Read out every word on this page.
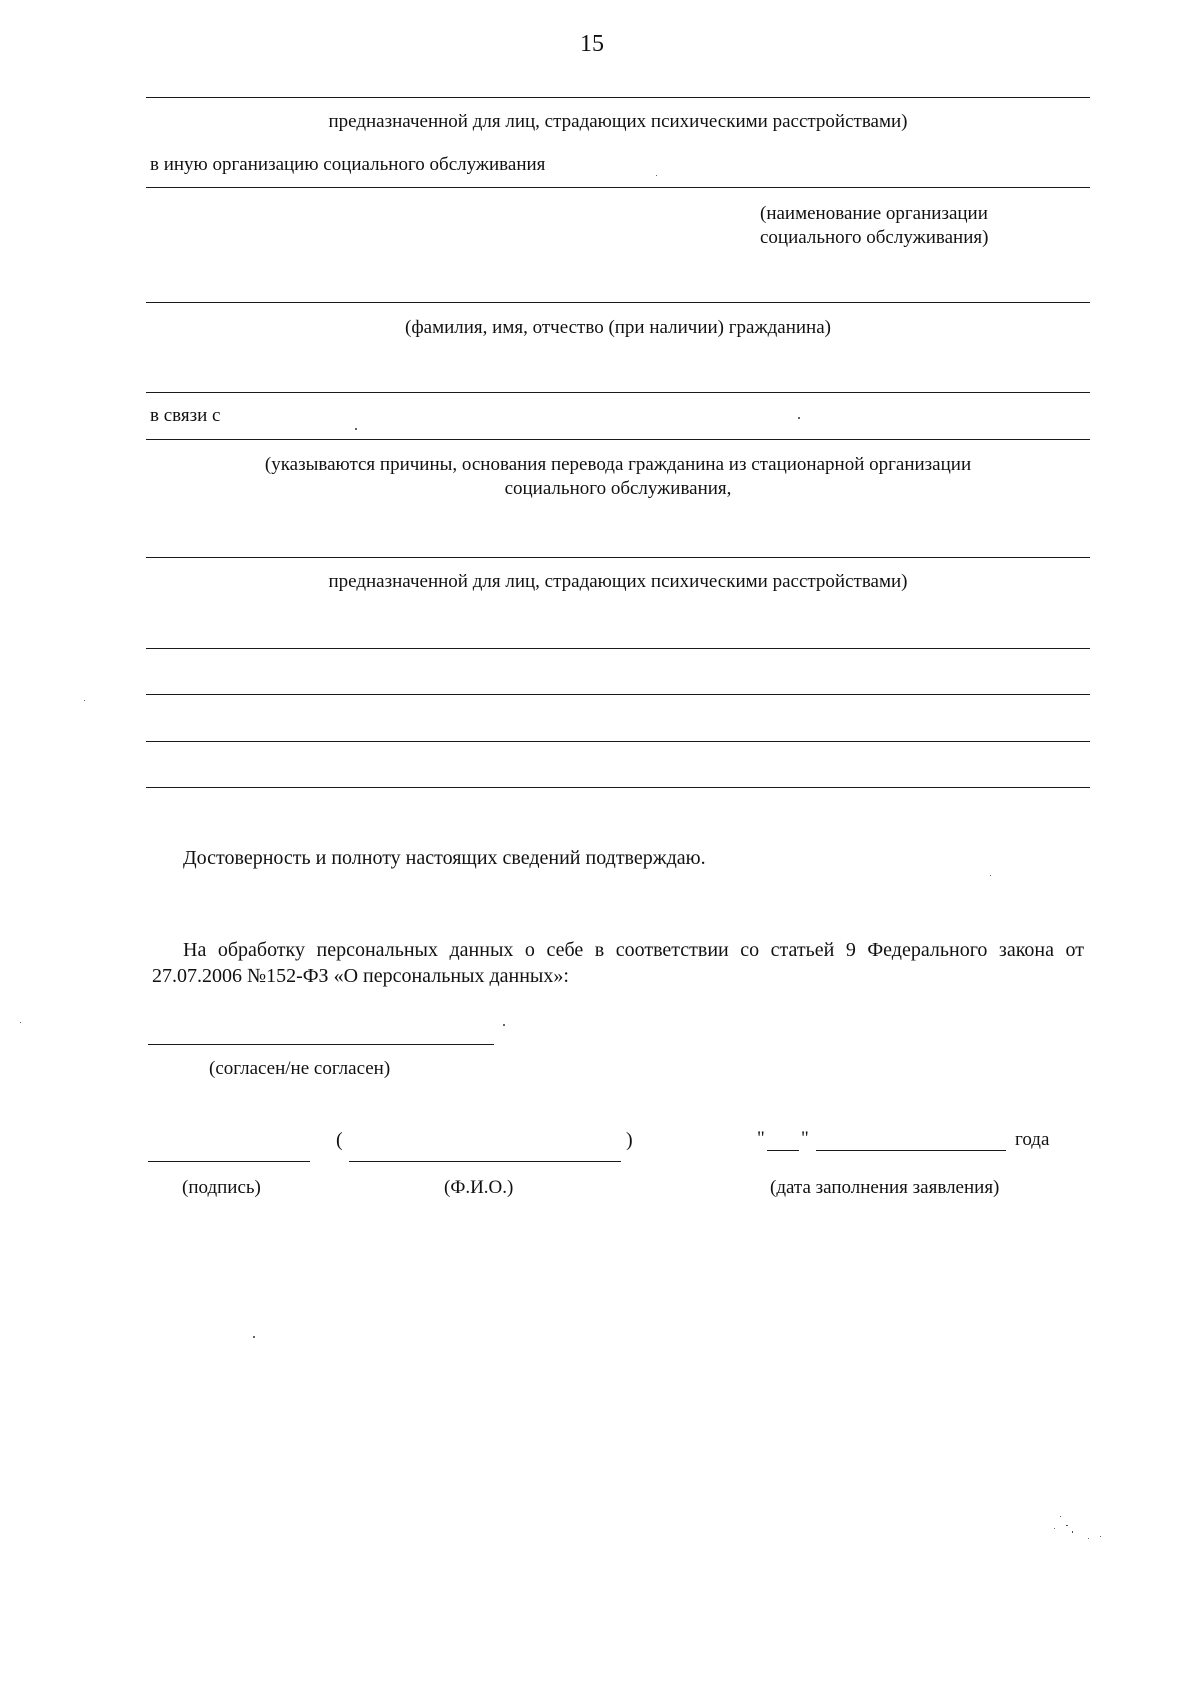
15
предназначенной для лиц, страдающих психическими расстройствами)
в иную организацию социального обслуживания
(наименование организации
социального обслуживания)
(фамилия, имя, отчество (при наличии) гражданина)
в связи с
(указываются причины, основания перевода гражданина из стационарной организации
социального обслуживания,
предназначенной для лиц, страдающих психическими расстройствами)
Достоверность и полноту настоящих сведений подтверждаю.
На обработку персональных данных о себе в соответствии со статьей 9 Федерального закона от 27.07.2006 №152-ФЗ «О персональных данных»:
(согласен/не согласен)
(	)	" "	года
(подпись)	(Ф.И.О.)	(дата заполнения заявления)
